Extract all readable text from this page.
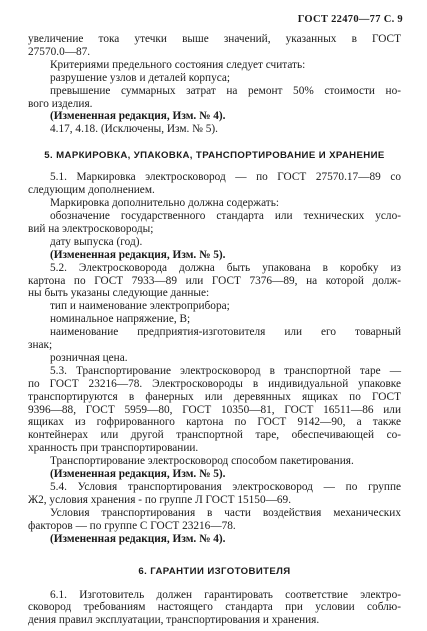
ГОСТ 22470—77 С. 9

увеличение тока утечки выше значений, указанных в ГОСТ

27570.0—87.

Критериями предельного состояния следует считать:

разрушение узлов и деталей корпуса;

превышение суммарных затрат на ремонт 50% стоимости но-

вого изделия.

(Измененная редакция, Изм. № 4).

4.17, 4.18. (Исключены, Изм. № 5).

5. МАРКИРОВКА, УПАКОВКА, ТРАНСПОРТИРОВАНИЕ И ХРАНЕНИЕ

5.1. Маркировка электросковород — по ГОСТ 27570.17—89 со

следующим дополнением.

Маркировка дополнительно должна содержать:

обозначение государственного стандарта или технических усло-

вий на электросковороды;

дату выпуска (год).

(Измененная редакция, Изм. № 5).

5.2. Электросковорода должна быть упакована в коробку из

картона по ГОСТ 7933—89 или ГОСТ 7376—89, на которой долж-

ны быть указаны следующие данные:

тип и наименование электроприбора;

номинальное напряжение, В;

наименование предприятия-изготовителя или его товарный

знак;

розничная цена.

5.3. Транспортирование электросковород в транспортной таре —

по ГОСТ 23216—78. Электросковороды в индивидуальной упаковке

транспортируются в фанерных или деревянных ящиках по ГОСТ

9396—88, ГОСТ 5959—80, ГОСТ 10350—81, ГОСТ 16511—86 или

ящиках из гофрированного картона по ГОСТ 9142—90, а также

контейнерах или другой транспортной таре, обеспечивающей со-

хранность при транспортировании.

Транспортирование электросковород способом пакетирования.

(Измененная редакция, Изм. № 5).

5.4. Условия транспортирования электросковород — по группе

Ж2, условия хранения - по группе Л ГОСТ 15150—69.

Условия транспортирования в части воздействия механических

факторов — по группе С ГОСТ 23216—78.

(Измененная редакция, Изм. № 4).

6. ГАРАНТИИ ИЗГОТОВИТЕЛЯ

6.1. Изготовитель должен гарантировать соответствие электро-

сковород требованиям настоящего стандарта при условии соблю-

дения правил эксплуатации, транспортирования и хранения.
